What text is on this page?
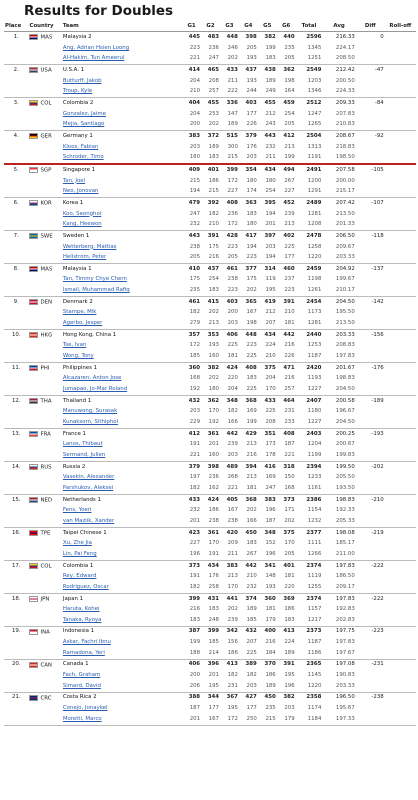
Results for Doubles
Place	Country	Team	G1	G2	G3	G4	G5	G6	Total	Avg	Diff	Roll-off
1.	MAS	Malaysia 2	445	483	448	398	382	440	2596	216.33	0	
		Ang, Adrian Hsien Loong	223	236	246	205	199	235	1345	224.17		
		Al-Hakim, Tun Ameerul	221	247	202	193	183	205	1251	208.50		
2.	USA	U.S.A. 1	414	465	433	437	438	362	2549	212.42	-47	
		Butturff, Jakob	204	208	211	193	189	198	1203	200.50		
		Troup, Kyle	210	257	222	244	249	164	1346	224.33		
3.	COL	Colombia 2	404	455	336	403	455	459	2512	209.33	-84	
		Gonzalez, Jaime	204	253	147	177	212	254	1247	207.83		
		Mejia, Santiago	200	202	189	226	243	205	1265	210.83		
4.	GER	Germany 1	383	372	515	379	443	412	2504	208.67	-92	
		Kloos, Fabian	203	189	300	176	232	213	1313	218.83		
		Schroder, Timo	180	183	215	203	211	199	1191	198.50		
5.	SGP	Singapore 1	409	401	399	354	434	494	2491	207.58	-105	
		Tan, Joel	215	186	172	180	180	267	1200	200.00		
		Neo, Jonovan	194	215	227	174	254	227	1291	215.17		
6.	KOR	Korea 1	479	392	408	363	395	452	2489	207.42	-107	
		Koo, Seonghoi	247	182	236	183	194	239	1281	213.50		
		Kang, Heewon	232	210	172	180	201	213	1208	201.33		
7.	SWE	Sweden 1	443	391	428	417	397	402	2478	206.50	-118	
		Wetterberg, Mattias	238	175	223	194	203	225	1258	209.67		
		Hellstrom, Peter	205	216	205	223	194	177	1220	203.33		
8.	MAS	Malaysia 1	410	437	461	377	314	460	2459	204.92	-137	
		Tan, Timmy Chye Chern	175	254	238	175	119	237	1198	199.67		
		Ismail, Muhammad Rafiq	235	183	223	202	195	223	1261	210.17		
9.	DEN	Denmark 2	461	415	403	365	419	391	2454	204.50	-142	
		Stampe, Mik	182	202	200	167	212	210	1173	195.50		
		Agerbo, Jesper	279	213	203	198	207	181	1281	213.50		
10.	HKG	Hong Kong, China 1	357	353	406	448	434	442	2440	203.33	-156	
		Tse, Ivan	172	193	225	223	224	216	1253	208.83		
		Wong, Tony	185	160	181	225	210	226	1187	197.83		
11.	PHI	Philippines 1	360	382	424	408	375	471	2420	201.67	-176	
		Alcazaren, Anton Jose	168	202	220	183	204	216	1193	198.83		
		Jumapao, Jo-Mar Roland	192	180	204	225	170	257	1227	204.50		
12.	THA	Thailand 1	432	362	348	368	433	464	2407	200.58	-189	
		Manuwong, Surasak	203	170	182	169	225	231	1180	196.67		
		Kunaksorn, Sithiphol	229	192	166	199	208	233	1227	204.50		
13.	FRA	France 1	412	361	442	429	351	408	2403	200.25	-193	
		Lanos, Thibaut	191	201	239	213	173	187	1204	200.67		
		Sermand, Julien	221	160	203	216	178	221	1199	199.83		
14.	RUS	Russia 2	379	398	489	394	416	318	2394	199.50	-202	
		Vasekin, Alexander	197	236	268	213	169	150	1233	205.50		
		Parshukov, Aleksei	182	162	221	181	247	168	1161	193.50		
15.	NED	Netherlands 1	433	424	405	368	383	373	2386	198.83	-210	
		Fens, Yoeri	232	186	167	202	196	171	1154	192.33		
		van Maziik, Xander	201	238	238	166	187	202	1232	205.33		
16.	TPE	Taipei Chinese 1	423	361	420	450	348	375	2377	198.08	-219	
		Xu, Zhe Jia	227	170	209	183	152	170	1111	185.17		
		Lin, Pai Feng	196	191	211	267	196	205	1266	211.00		
17.	COL	Colombia 1	373	434	383	442	341	401	2374	197.83	-222	
		Rey, Edward	191	176	213	210	148	181	1119	186.50		
		Rodriguez, Oscar	182	258	170	232	193	220	1255	209.17		
18.	JPN	Japan 1	399	431	441	374	360	369	2374	197.83	-222	
		Haruta, Kohei	216	183	202	189	181	186	1157	192.83		
		Tanaka, Ryoya	183	248	239	185	179	183	1217	202.83		
19.	INA	Indonesia 1	387	399	342	432	400	413	2373	197.75	-223	
		Askar, Fachri Ibnu	199	185	156	207	216	224	1187	197.83		
		Ramadona, Yeri	188	214	186	225	184	189	1186	197.67		
20.	CAN	Canada 1	406	396	413	389	370	391	2365	197.08	-231	
		Fach, Graham	200	201	182	182	186	195	1145	190.83		
		Simard, David	206	195	231	203	189	196	1220	203.33		
21.	CRC	Costa Rica 2	388	344	367	427	450	382	2358	196.50	-238	
		Conejo, Jonaykel	187	177	195	177	235	203	1174	195.67		
		Moretti, Marco	201	167	172	250	215	179	1184	197.33		
